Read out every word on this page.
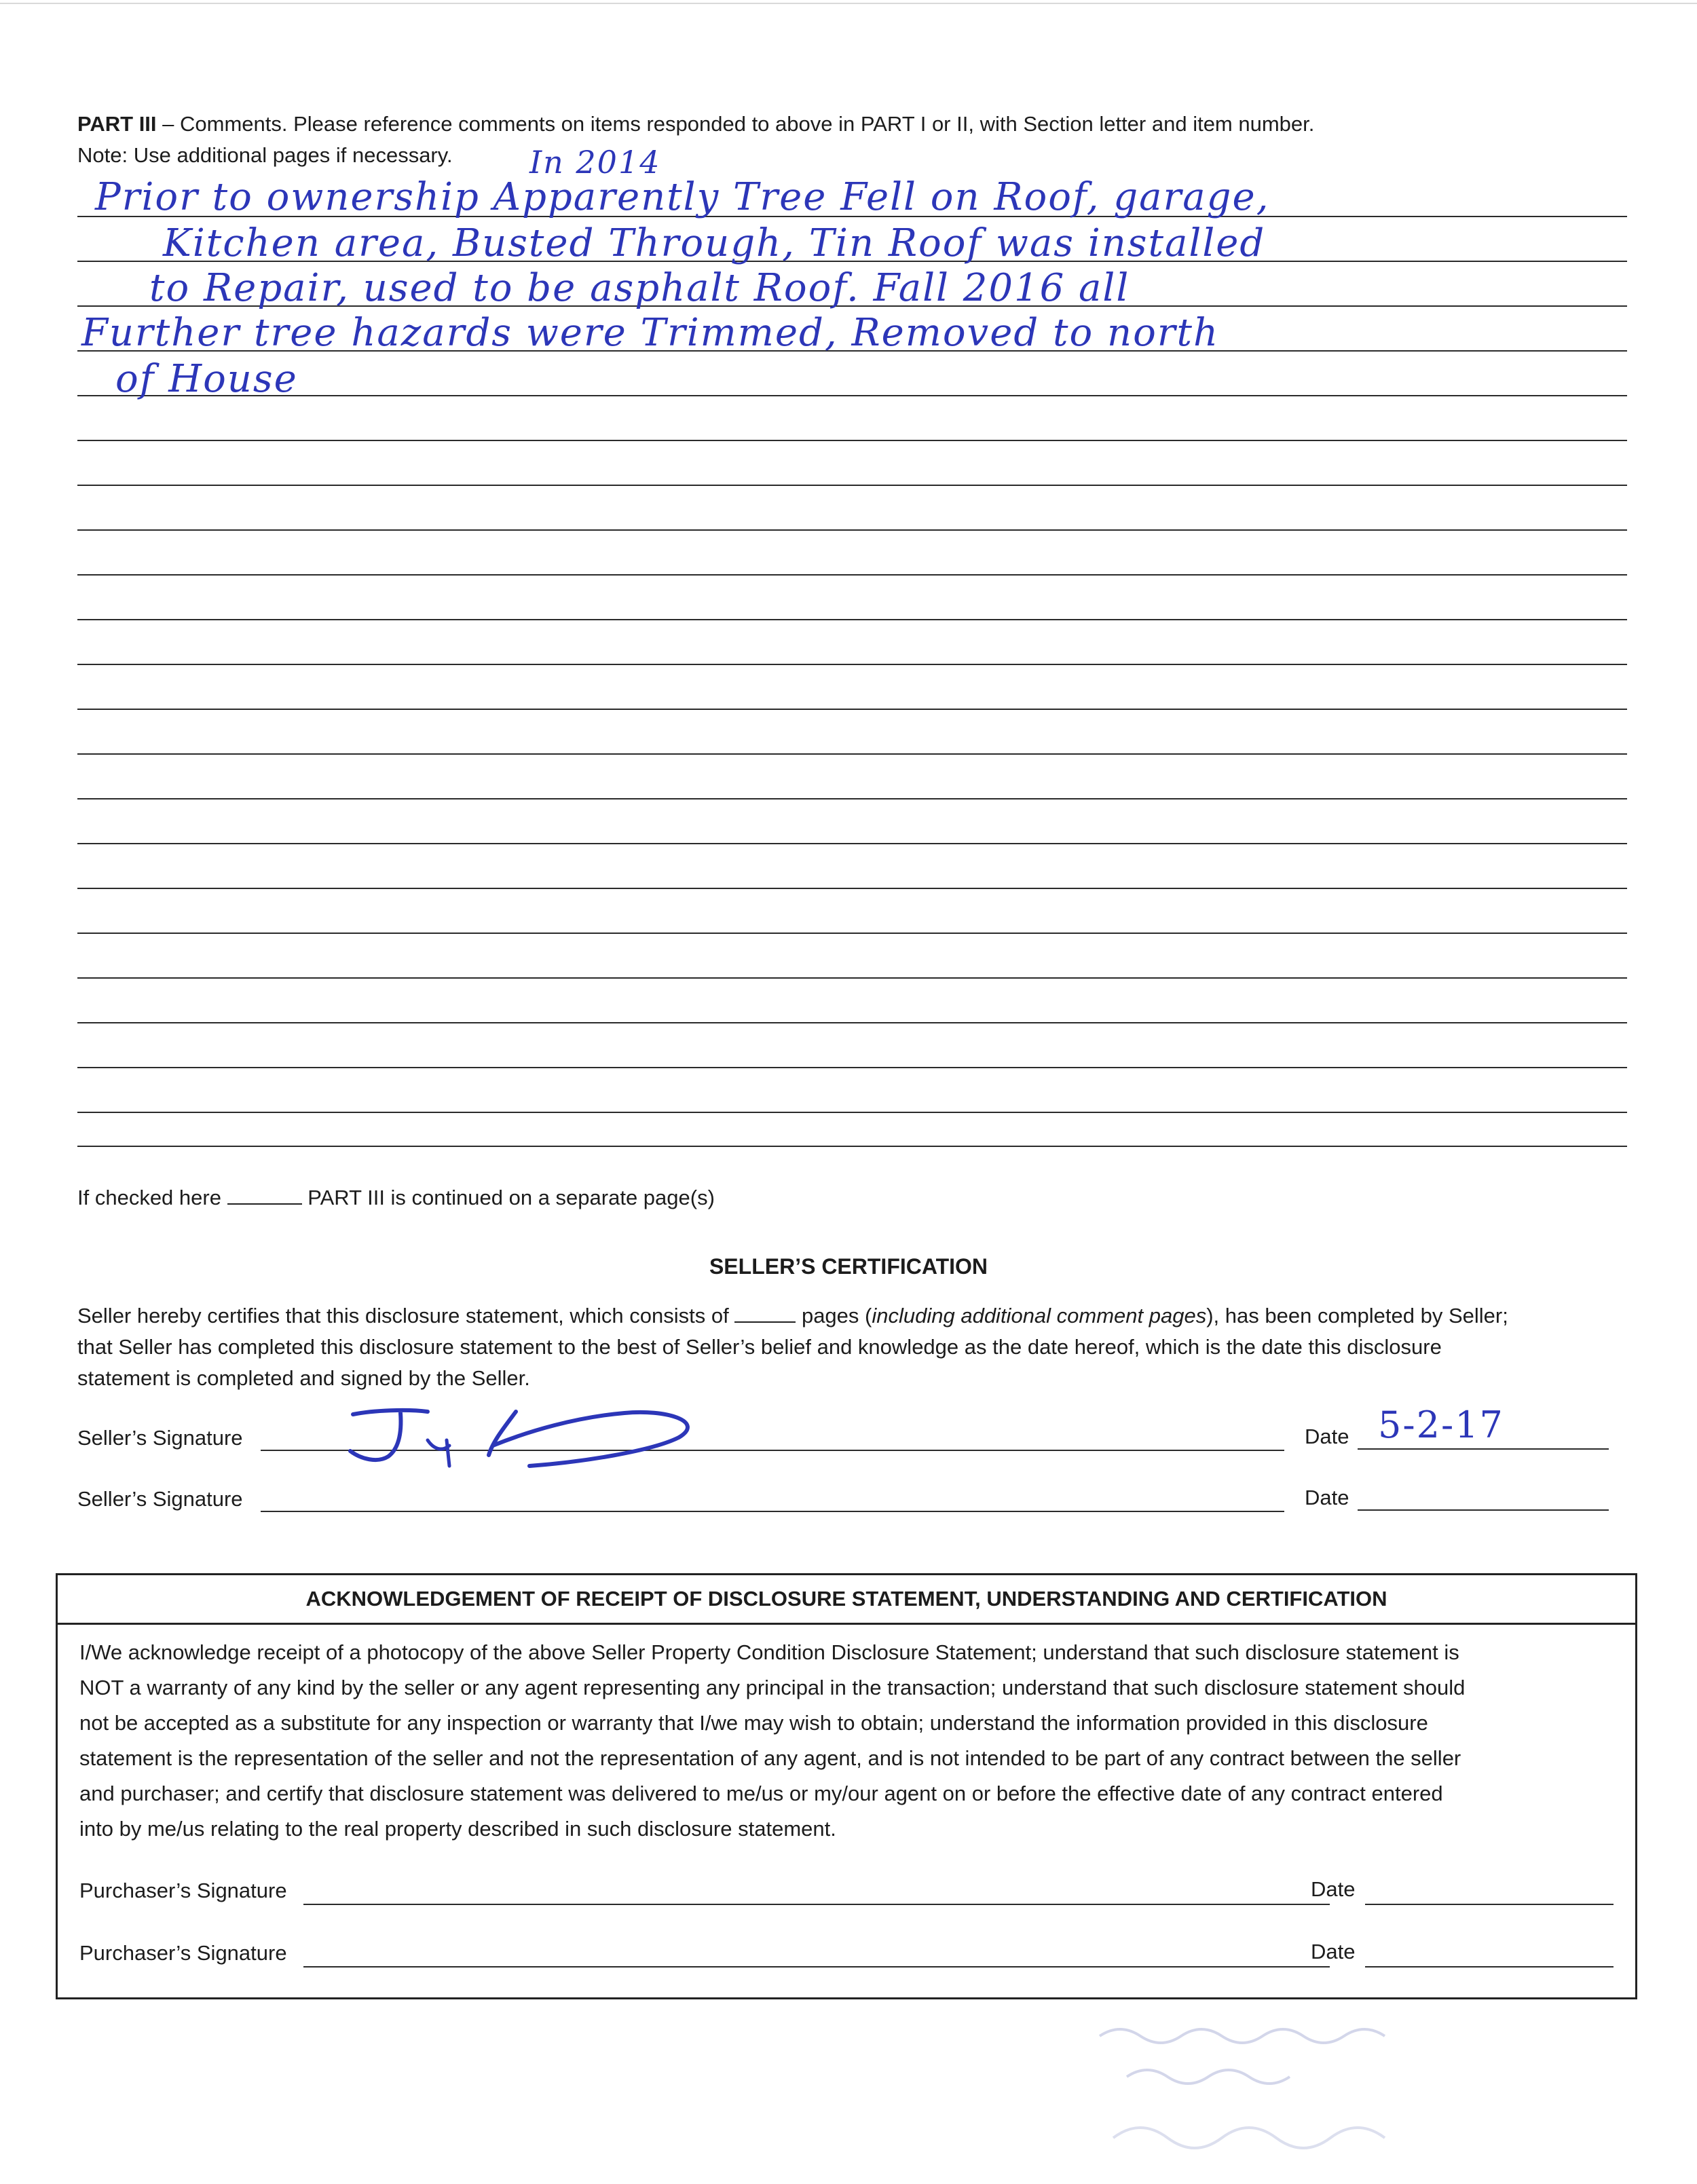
PART III – Comments. Please reference comments on items responded to above in PART I or II, with Section letter and item number.
Note: Use additional pages if necessary. In 2014
Prior to ownership Apparently Tree Fell on Roof, garage,
Kitchen area, Busted Through, Tin Roof was installed
to Repair, used to be asphalt Roof. Fall 2016 all
Further tree hazards were Trimmed, Removed to north
of House
If checked here	PART III is continued on a separate page(s)
SELLER’S CERTIFICATION
Seller hereby certifies that this disclosure statement, which consists of	pages (including additional comment pages), has been completed by Seller;
that Seller has completed this disclosure statement to the best of Seller’s belief and knowledge as the date hereof, which is the date this disclosure
statement is completed and signed by the Seller.
Seller’s Signature	Date 5-2-17
Seller’s Signature	Date
ACKNOWLEDGEMENT OF RECEIPT OF DISCLOSURE STATEMENT, UNDERSTANDING AND CERTIFICATION
I/We acknowledge receipt of a photocopy of the above Seller Property Condition Disclosure Statement; understand that such disclosure statement is
NOT a warranty of any kind by the seller or any agent representing any principal in the transaction; understand that such disclosure statement should
not be accepted as a substitute for any inspection or warranty that I/we may wish to obtain; understand the information provided in this disclosure
statement is the representation of the seller and not the representation of any agent, and is not intended to be part of any contract between the seller
and purchaser; and certify that disclosure statement was delivered to me/us or my/our agent on or before the effective date of any contract entered
into by me/us relating to the real property described in such disclosure statement.
Purchaser’s Signature	Date
Purchaser’s Signature	Date
